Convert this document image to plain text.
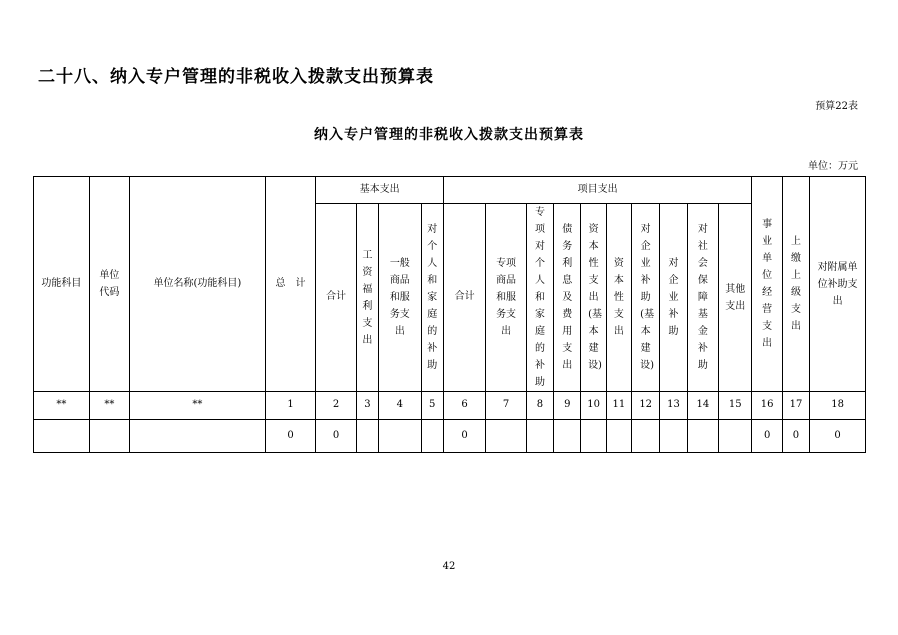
二十八、纳入专户管理的非税收入拨款支出预算表
预算22表
纳入专户管理的非税收入拨款支出预算表
单位：万元
功能科目	单位代码	单位名称(功能科目)	总　计	基本支出				项目支出										事业单位经营支出	上缴上级支出	对附属单位补助支出
				合计	工资福利支出	一般商品和服务支出	对个人和家庭的补助	合计	专项商品和服务支出	专项对个人和家庭的补助	债务利息及费用支出	资本性支出(基本建设)	资本性支出	对企业补助(基本建设)	对企业补助	对社会保障基金补助	其他支出			
**	**	**	1	2	3	4	5	6	7	8	9	10	11	12	13	14	15	16	17	18
			0	0				0										0	0	0
42
